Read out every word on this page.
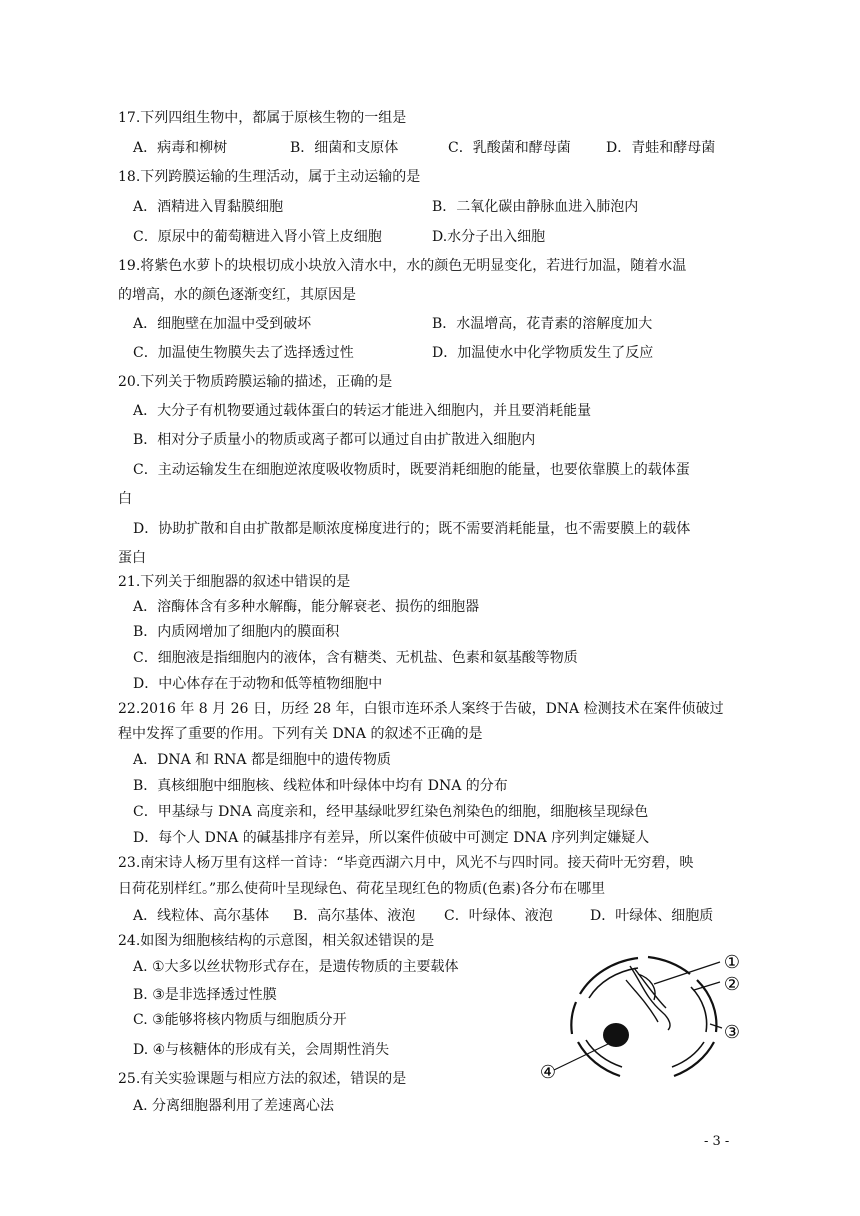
17.下列四组生物中，都属于原核生物的一组是
A．病毒和柳树	B．细菌和支原体	C．乳酸菌和酵母菌	D．青蛙和酵母菌
18.下列跨膜运输的生理活动，属于主动运输的是
A．酒精进入胃黏膜细胞	B．二氧化碳由静脉血进入肺泡内
C．原尿中的葡萄糖进入肾小管上皮细胞	D.水分子出入细胞
19.将紫色水萝卜的块根切成小块放入清水中，水的颜色无明显变化，若进行加温，随着水温
的增高，水的颜色逐渐变红，其原因是
A．细胞壁在加温中受到破坏	B．水温增高，花青素的溶解度加大
C．加温使生物膜失去了选择透过性	D．加温使水中化学物质发生了反应
20.下列关于物质跨膜运输的描述，正确的是
A．大分子有机物要通过载体蛋白的转运才能进入细胞内，并且要消耗能量
B．相对分子质量小的物质或离子都可以通过自由扩散进入细胞内
C．主动运输发生在细胞逆浓度吸收物质时，既要消耗细胞的能量，也要依靠膜上的载体蛋
白
D．协助扩散和自由扩散都是顺浓度梯度进行的；既不需要消耗能量，也不需要膜上的载体
蛋白
21.下列关于细胞器的叙述中错误的是
A．溶酶体含有多种水解酶，能分解衰老、损伤的细胞器
B．内质网增加了细胞内的膜面积
C．细胞液是指细胞内的液体，含有糖类、无机盐、色素和氨基酸等物质
D．中心体存在于动物和低等植物细胞中
22.2016 年 8 月 26 日，历经 28 年，白银市连环杀人案终于告破，DNA 检测技术在案件侦破过
程中发挥了重要的作用。下列有关 DNA 的叙述不正确的是
A．DNA 和 RNA 都是细胞中的遗传物质
B．真核细胞中细胞核、线粒体和叶绿体中均有 DNA 的分布
C．甲基绿与 DNA 高度亲和，经甲基绿吡罗红染色剂染色的细胞，细胞核呈现绿色
D．每个人 DNA 的碱基排序有差异，所以案件侦破中可测定 DNA 序列判定嫌疑人
23.南宋诗人杨万里有这样一首诗：“毕竟西湖六月中，风光不与四时同。接天荷叶无穷碧，映
日荷花别样红。”那么使荷叶呈现绿色、荷花呈现红色的物质(色素)各分布在哪里
A．线粒体、高尔基体 B．高尔基体、液泡 C．叶绿体、液泡	D．叶绿体、细胞质
24.如图为细胞核结构的示意图，相关叙述错误的是
A. ①大多以丝状物形式存在，是遗传物质的主要载体
B. ③是非选择透过性膜
C. ③能够将核内物质与细胞质分开
D. ④与核糖体的形成有关，会周期性消失
①
②
③
④
25.有关实验课题与相应方法的叙述，错误的是
A. 分离细胞器利用了差速离心法
- 3 -
